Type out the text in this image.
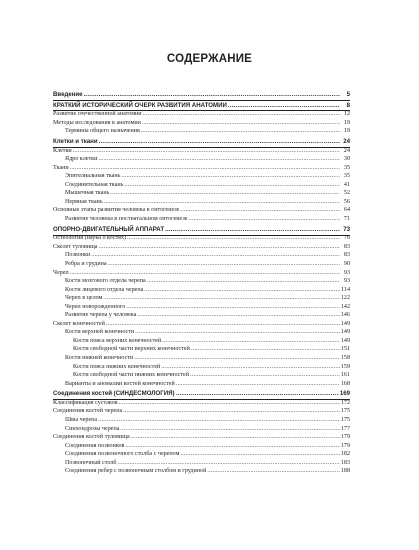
СОДЕРЖАНИЕ
Введение .....	5
КРАТКИЙ ИСТОРИЧЕСКИЙ ОЧЕРК РАЗВИТИЯ АНАТОМИИ .....	8
Развитие отечественной анатомии .....	12
Методы исследования в анатомии .....	19
Термины общего назначения .....	19
Клетки и ткани .....	24
Клетки .....	24
Ядро клетки .....	30
Ткани .....	35
Эпителиальная ткань .....	35
Соединительная ткань .....	41
Мышечная ткань .....	52
Нервная ткань .....	56
Основные этапы развития человека в онтогенезе .....	64
Развитие человека в постнатальном онтогенезе .....	71
ОПОРНО-ДВИГАТЕЛЬНЫЙ АППАРАТ .....	73
Остеология (наука о костях) .....	76
Скелет туловища .....	83
Позвонки .....	83
Ребра и грудина .....	90
Череп .....	93
Кости мозгового отдела черепа .....	93
Кости лицевого отдела черепа .....	114
Череп в целом .....	122
Череп новорожденного .....	142
Развитие черепа у человека .....	146
Скелет конечностей .....	149
Кости верхней конечности .....	149
Кости пояса верхних конечностей .....	149
Кости свободной части верхних конечностей .....	151
Кости нижней конечности .....	158
Кости пояса нижних конечностей .....	159
Кости свободной части нижних конечностей .....	161
Варианты и аномалии костей конечностей .....	168
Соединения костей (СИНДЕСМОЛОГИЯ) .....	169
Классификация суставов .....	172
Соединения костей черепа .....	175
Швы черепа .....	175
Синхондрозы черепа .....	177
Соединения костей туловища .....	179
Соединения позвонков .....	179
Соединения позвоночного столба с черепом .....	182
Позвоночный столб .....	183
Соединения ребер с позвоночным столбом и грудиной .....	188
